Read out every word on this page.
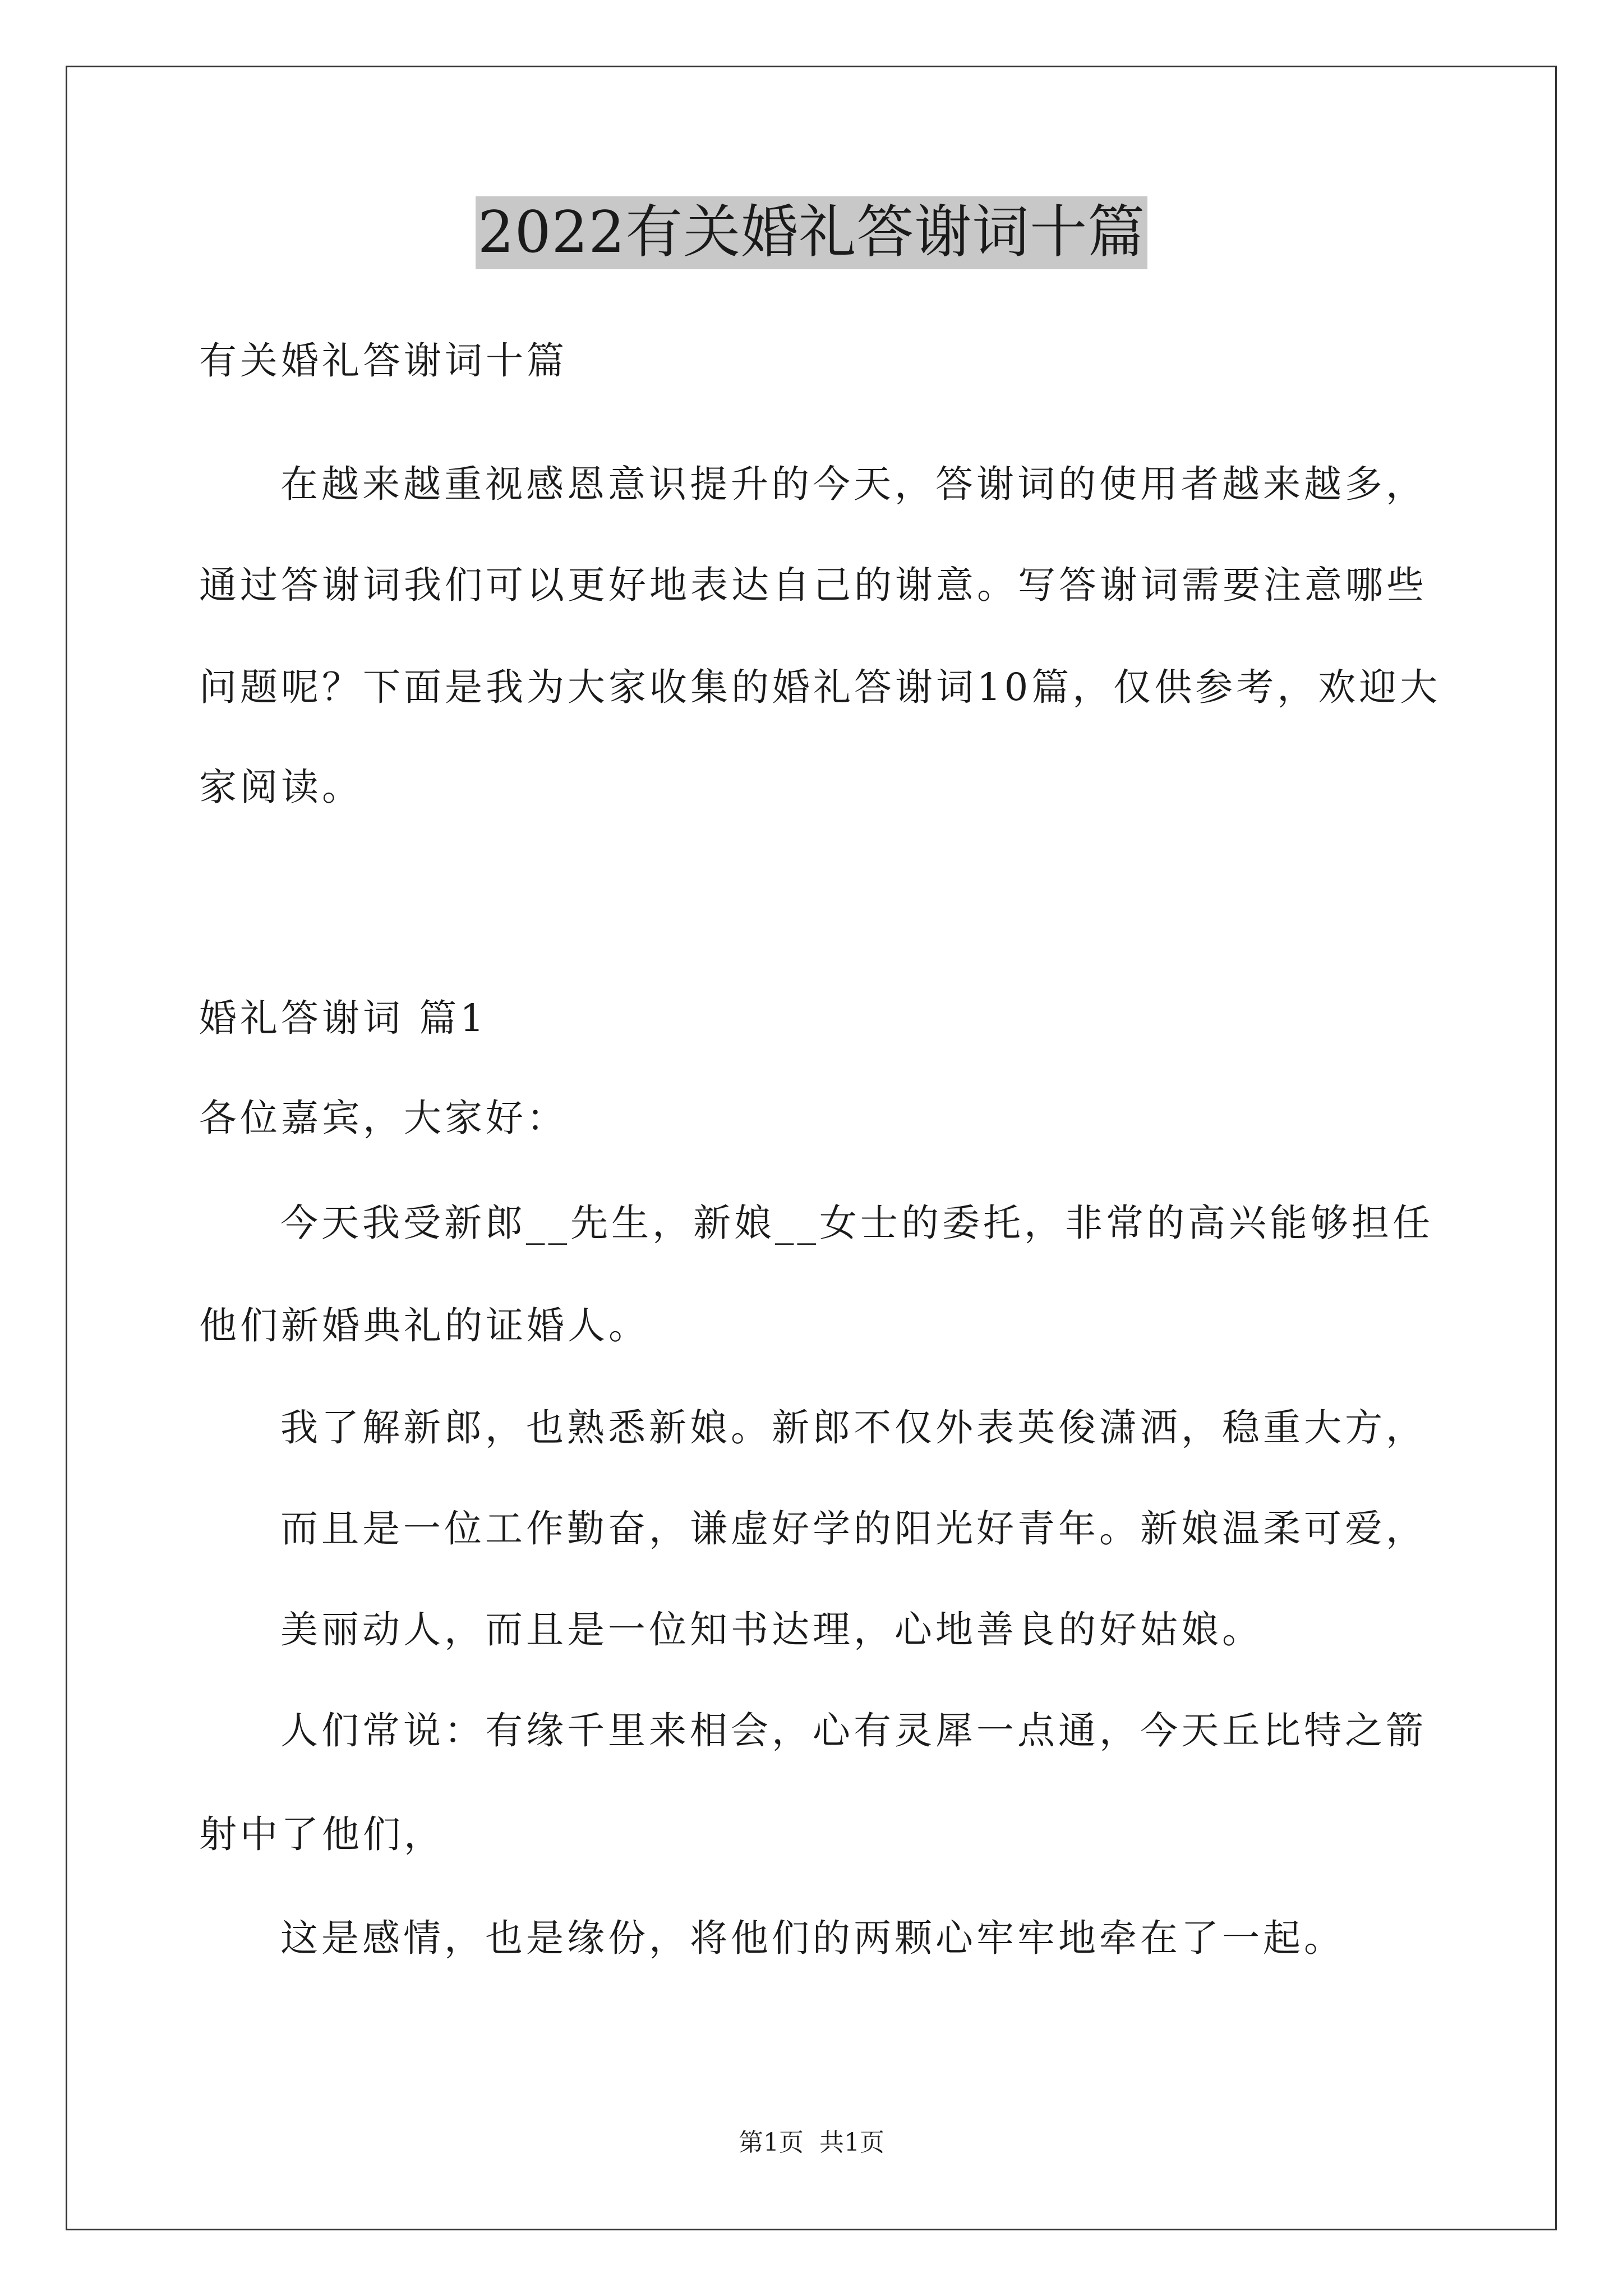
2022有关婚礼答谢词十篇
有关婚礼答谢词十篇
在越来越重视感恩意识提升的今天，答谢词的使用者越来越多，
通过答谢词我们可以更好地表达自己的谢意。写答谢词需要注意哪些
问题呢？下面是我为大家收集的婚礼答谢词10篇，仅供参考，欢迎大
家阅读。
婚礼答谢词 篇1
各位嘉宾，大家好：
今天我受新郎__先生，新娘__女士的委托，非常的高兴能够担任
他们新婚典礼的证婚人。
我了解新郎，也熟悉新娘。新郎不仅外表英俊潇洒，稳重大方，
而且是一位工作勤奋，谦虚好学的阳光好青年。新娘温柔可爱，
美丽动人，而且是一位知书达理，心地善良的好姑娘。
人们常说：有缘千里来相会，心有灵犀一点通，今天丘比特之箭
射中了他们，
这是感情，也是缘份，将他们的两颗心牢牢地牵在了一起。
第1页 共1页
